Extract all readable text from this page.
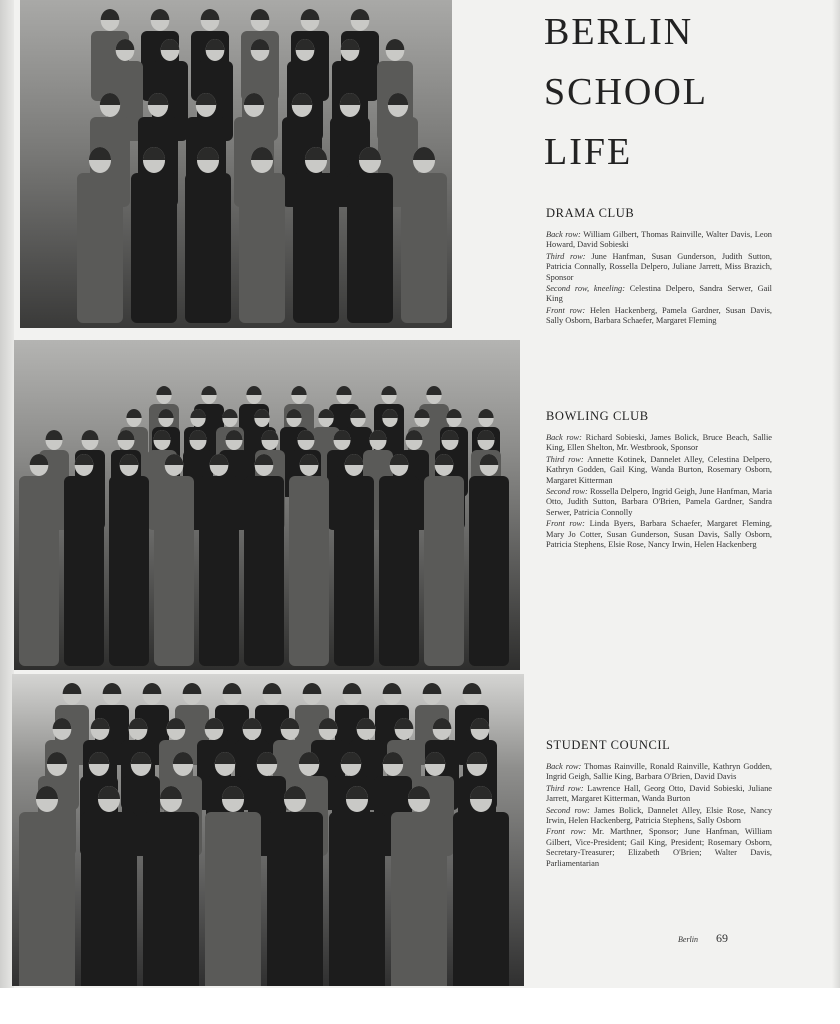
BERLIN
SCHOOL
LIFE
DRAMA CLUB

Back row: William Gilbert, Thomas Rainville, Walter Davis, Leon Howard, David Sobieski

Third row: June Hanfman, Susan Gunderson, Judith Sutton, Patricia Connally, Rossella Delpero, Juliane Jarrett, Miss Brazich, Sponsor

Second row, kneeling: Celestina Delpero, Sandra Serwer, Gail King

Front row: Helen Hackenberg, Pamela Gardner, Susan Davis, Sally Osborn, Barbara Schaefer, Margaret Fleming

BOWLING CLUB

Back row: Richard Sobieski, James Bolick, Bruce Beach, Sallie King, Ellen Shelton, Mr. Westbrook, Sponsor

Third row: Annette Kotinek, Dannelet Alley, Celestina Delpero, Kathryn Godden, Gail King, Wanda Burton, Rosemary Osborn, Margaret Kitterman

Second row: Rossella Delpero, Ingrid Geigh, June Hanfman, Maria Otto, Judith Sutton, Barbara O'Brien, Pamela Gardner, Sandra Serwer, Patricia Connolly

Front row: Linda Byers, Barbara Schaefer, Margaret Fleming, Mary Jo Cotter, Susan Gunderson, Susan Davis, Sally Osborn, Patricia Stephens, Elsie Rose, Nancy Irwin, Helen Hackenberg

STUDENT COUNCIL

Back row: Thomas Rainville, Ronald Rainville, Kathryn Godden, Ingrid Geigh, Sallie King, Barbara O'Brien, David Davis

Third row: Lawrence Hall, Georg Otto, David Sobieski, Juliane Jarrett, Margaret Kitterman, Wanda Burton

Second row: James Bolick, Dannelet Alley, Elsie Rose, Nancy Irwin, Helen Hackenberg, Patricia Stephens, Sally Osborn

Front row: Mr. Marthner, Sponsor; June Hanfman, William Gilbert, Vice-President; Gail King, President; Rosemary Osborn, Secretary-Treasurer; Elizabeth O'Brien; Walter Davis, Parliamentarian

Berlin 69
